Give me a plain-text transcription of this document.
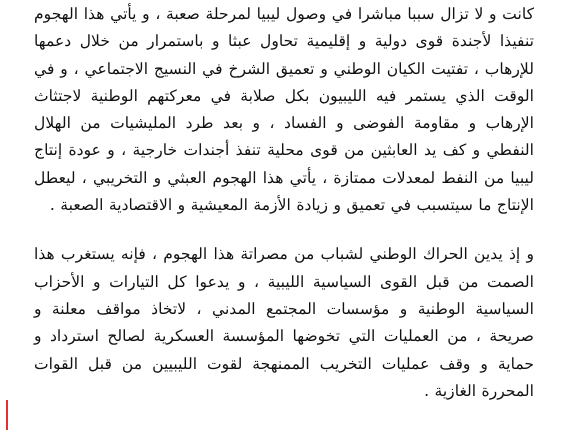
كانت و لا تزال سببا مباشرا في وصول ليبيا لمرحلة صعبة ، و يأتي هذا الهجوم تنفيذا لأجندة قوى دولية و إقليمية تحاول عبثا و باستمرار من خلال دعمها للإرهاب ، تفتيت الكيان الوطني و تعميق الشرخ في النسيج الاجتماعي ، و في الوقت الذي يستمر فيه الليبيون بكل صلابة في معركتهم الوطنية لاجتثاث الإرهاب و مقاومة الفوضى و الفساد ، و بعد طرد المليشيات من الهلال النفطي و كف يد العابثين من قوى محلية تنفذ أجندات خارجية ، و عودة إنتاج ليبيا من النفط لمعدلات ممتازة ، يأتي هذا الهجوم العبثي و التخريبي ، ليعطل الإنتاج ما سيتسبب في تعميق و زيادة الأزمة المعيشية و الاقتصادية الصعبة .

و إذ يدين الحراك الوطني لشباب من مصراتة هذا الهجوم ، فإنه يستغرب هذا الصمت من قبل القوى السياسية الليبية ، و يدعوا كل التيارات و الأحزاب السياسية الوطنية و مؤسسات المجتمع المدني ، لاتخاذ مواقف معلنة و صريحة ، من العمليات التي تخوضها المؤسسة العسكرية لصالح استرداد و حماية و وقف عمليات التخريب الممنهجة لقوت الليبيين من قبل القوات المحررة الغازية .
